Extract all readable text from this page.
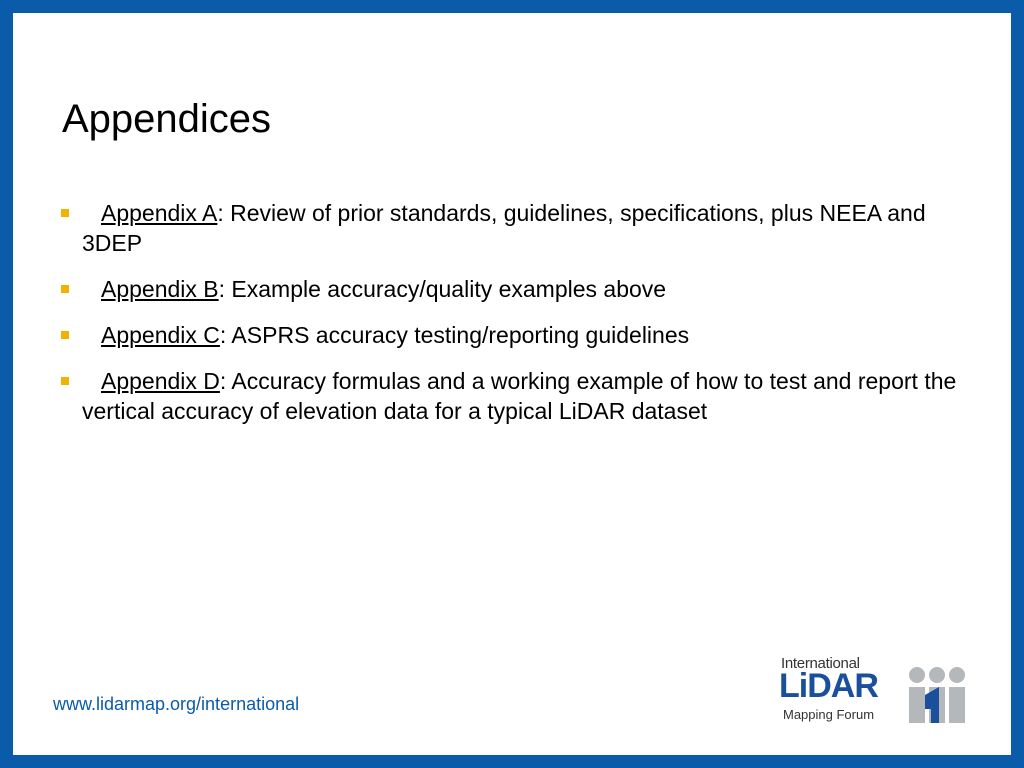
Appendices
Appendix A: Review of prior standards, guidelines, specifications, plus NEEA and 3DEP
Appendix B: Example accuracy/quality examples above
Appendix C: ASPRS accuracy testing/reporting guidelines
Appendix D: Accuracy formulas and a working example of how to test and report the vertical accuracy of elevation data for a typical LiDAR dataset
www.lidarmap.org/international
International
LiDAR
Mapping Forum
